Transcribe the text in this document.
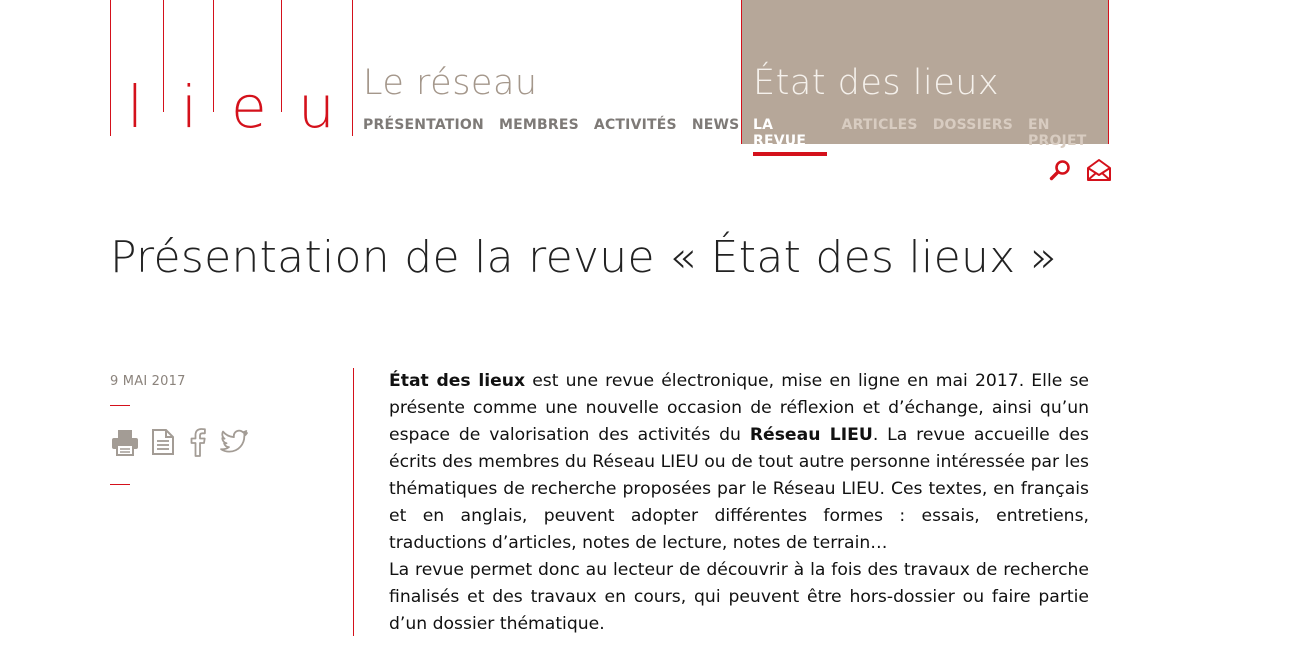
l i e u Le réseau
PRÉSENTATION MEMBRES ACTIVITÉS NEWS
État des lieux
LA REVUE
ARTICLES DOSSIERS EN PROJET
Présentation de la revue « État des lieux »
9 MAI 2017	État des lieux est une revue électronique, mise en ligne en mai 2017. Elle se présente comme une nouvelle occasion de réflexion et d’échange, ainsi qu’un espace de valorisation des activités du Réseau LIEU. La revue accueille des écrits des membres du Réseau LIEU ou de tout autre personne intéressée par les thématiques de recherche proposées par le Réseau LIEU. Ces textes, en français et en anglais, peuvent adopter différentes formes : essais, entretiens, traductions d’articles, notes de lecture, notes de terrain…

La revue permet donc au lecteur de découvrir à la fois des travaux de recherche finalisés et des travaux en cours, qui peuvent être hors-dossier ou faire partie d’un dossier thématique.
